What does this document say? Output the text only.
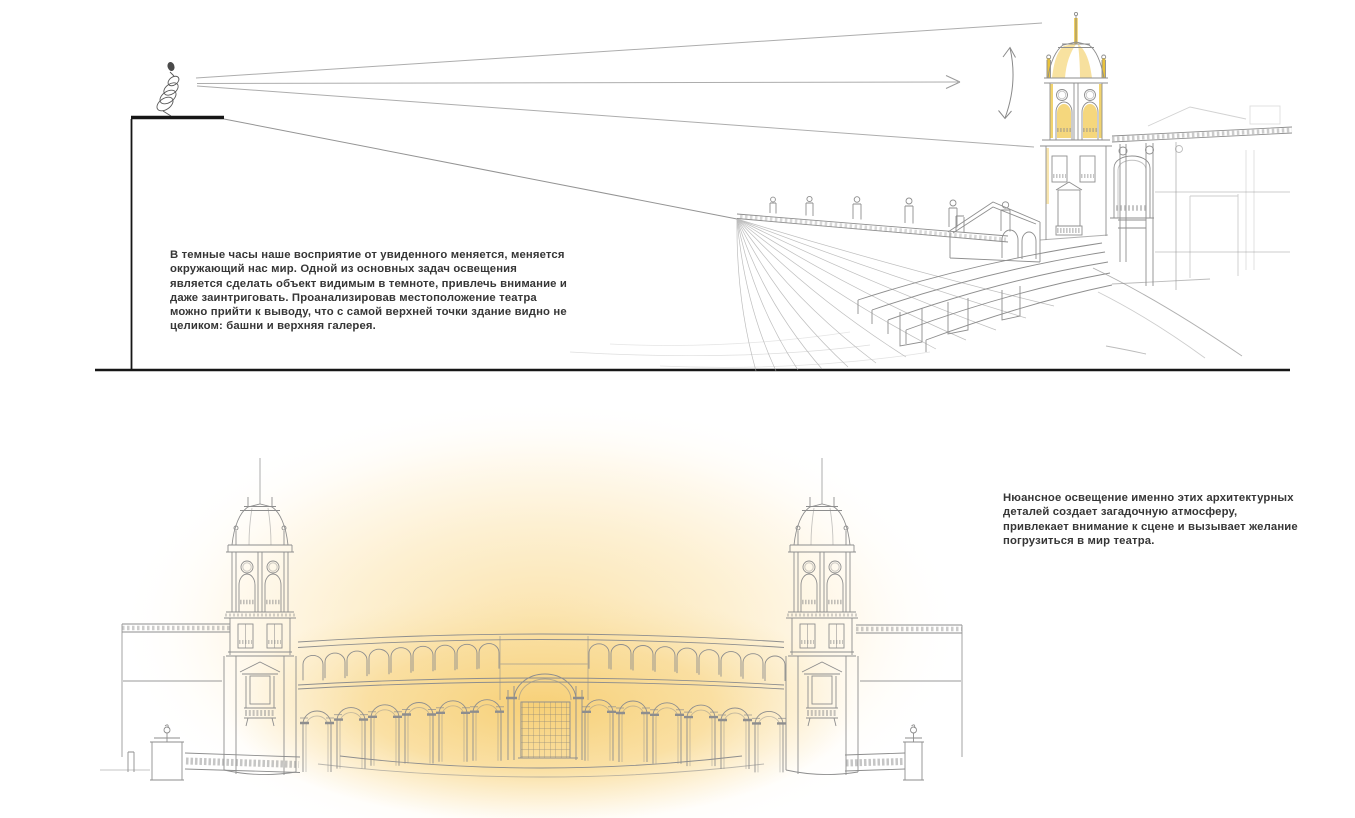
В темные часы наше восприятие от увиденного меняется, меняется окружающий нас мир. Одной из основных задач освещения является сделать объект видимым в темноте, привлечь внимание и даже заинтриговать. Проанализировав местоположение театра можно прийти к выводу, что с самой верхней точки здание видно не целиком: башни и верхняя галерея.
Нюансное освещение именно этих архитектурных деталей создает загадочную атмосферу, привлекает внимание к сцене и вызывает желание погрузиться в мир театра.
